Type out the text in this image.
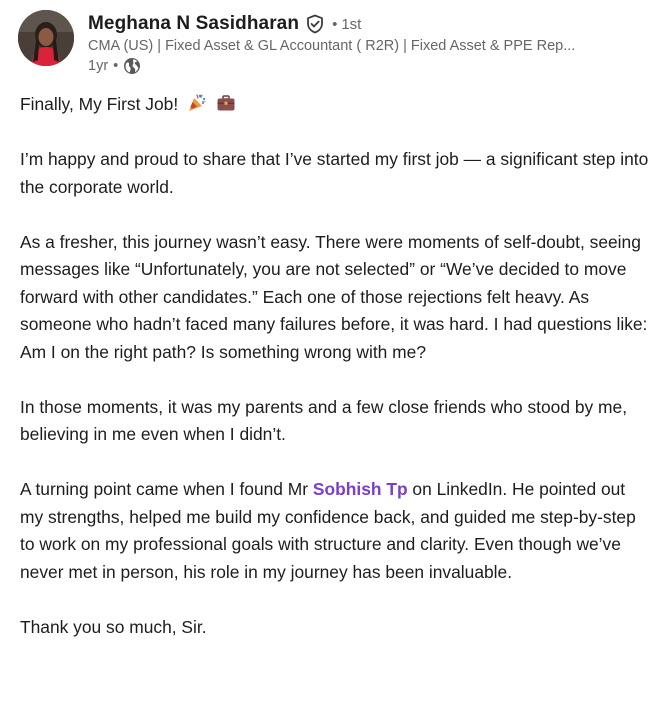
Meghana N Sasidharan • 1st
CMA (US) | Fixed Asset & GL Accountant ( R2R) | Fixed Asset & PPE Rep...
1yr •
Finally, My First Job!
I’m happy and proud to share that I’ve started my first job — a significant step into the corporate world.
As a fresher, this journey wasn’t easy. There were moments of self-doubt, seeing messages like “Unfortunately, you are not selected” or “We’ve decided to move forward with other candidates.” Each one of those rejections felt heavy. As someone who hadn’t faced many failures before, it was hard. I had questions like: Am I on the right path? Is something wrong with me?
In those moments, it was my parents and a few close friends who stood by me, believing in me even when I didn’t.
A turning point came when I found Mr Sobhish Tp on LinkedIn. He pointed out my strengths, helped me build my confidence back, and guided me step-by-step to work on my professional goals with structure and clarity. Even though we’ve never met in person, his role in my journey has been invaluable.
Thank you so much, Sir.
